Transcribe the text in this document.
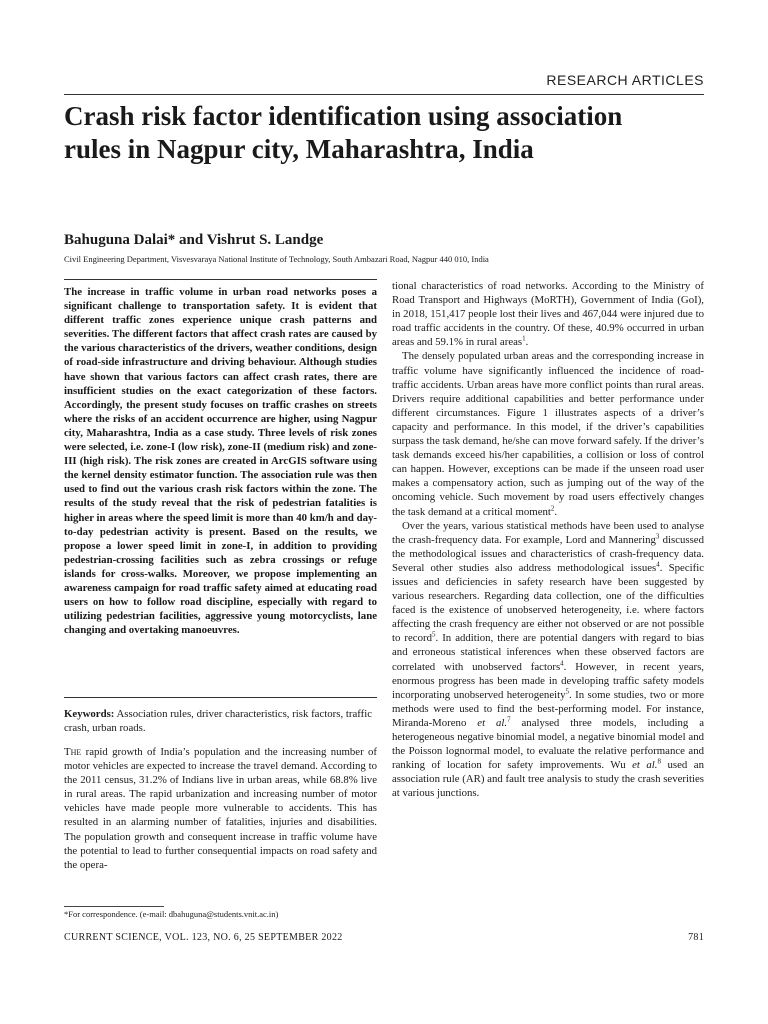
RESEARCH ARTICLES
Crash risk factor identification using association rules in Nagpur city, Maharashtra, India
Bahuguna Dalai* and Vishrut S. Landge
Civil Engineering Department, Visvesvaraya National Institute of Technology, South Ambazari Road, Nagpur 440 010, India

The increase in traffic volume in urban road networks poses a significant challenge to transportation safety. It is evident that different traffic zones experience unique crash patterns and severities. The different factors that affect crash rates are caused by the various characteristics of the drivers, weather conditions, design of road-side infrastructure and driving behaviour. Although studies have shown that various factors can affect crash rates, there are insufficient studies on the exact categorization of these factors. Accordingly, the present study focuses on traffic crashes on streets where the risks of an accident occurrence are higher, using Nagpur city, Maharashtra, India as a case study. Three levels of risk zones were selected, i.e. zone-I (low risk), zone-II (medium risk) and zone-III (high risk). The risk zones are created in ArcGIS software using the kernel density estimator function. The association rule was then used to find out the various crash risk factors within the zone. The results of the study reveal that the risk of pedestrian fatalities is higher in areas where the speed limit is more than 40 km/h and day-to-day pedestrian activity is present. Based on the results, we propose a lower speed limit in zone-I, in addition to providing pedestrian-crossing facilities such as zebra crossings or refuge islands for cross-walks. Moreover, we propose implementing an awareness campaign for road traffic safety aimed at educating road users on how to follow road discipline, especially with regard to utilizing pedestrian facilities, aggressive young motorcyclists, lane changing and overtaking manoeuvres.

Keywords: Association rules, driver characteristics, risk factors, traffic crash, urban roads.

The rapid growth of India’s population and the increasing number of motor vehicles are expected to increase the travel demand. According to the 2011 census, 31.2% of Indians live in urban areas, while 68.8% live in rural areas. The rapid urbanization and increasing number of motor vehicles have made people more vulnerable to accidents. This has resulted in an alarming number of fatalities, injuries and disabilities. The population growth and consequent increase in traffic volume have the potential to lead to further consequential impacts on road safety and the opera-

*For correspondence. (e-mail: dbahuguna@students.vnit.ac.in)

tional characteristics of road networks. According to the Ministry of Road Transport and Highways (MoRTH), Government of India (GoI), in 2018, 151,417 people lost their lives and 467,044 were injured due to road traffic accidents in the country. Of these, 40.9% occurred in urban areas and 59.1% in rural areas$^1$.

The densely populated urban areas and the corresponding increase in traffic volume have significantly influenced the incidence of road-traffic accidents. Urban areas have more conflict points than rural areas. Drivers require additional capabilities and better performance under different circumstances. Figure 1 illustrates aspects of a driver’s capacity and performance. In this model, if the driver’s capabilities surpass the task demand, he/she can move forward safely. If the driver’s task demands exceed his/her capabilities, a collision or loss of control can happen. However, exceptions can be made if the unseen road user makes a compensatory action, such as jumping out of the way of the oncoming vehicle. Such movement by road users effectively changes the task demand at a critical moment$^2$.

Over the years, various statistical methods have been used to analyse the crash-frequency data. For example, Lord and Mannering$^3$ discussed the methodological issues and characteristics of crash-frequency data. Several other studies also address methodological issues$^4$. Specific issues and deficiencies in safety research have been suggested by various researchers. Regarding data collection, one of the difficulties faced is the existence of unobserved heterogeneity, i.e. where factors affecting the crash frequency are either not observed or are not possible to record$^5$. In addition, there are potential dangers with regard to bias and erroneous statistical inferences when these observed factors are correlated with unobserved factors$^4$. However, in recent years, enormous progress has been made in developing traffic safety models incorporating unobserved heterogeneity$^5$. In some studies, two or more methods were used to find the best-performing model. For instance, Miranda-Moreno et al.$^7$ analysed three models, including a heterogeneous negative binomial model, a negative binomial model and the Poisson lognormal model, to evaluate the relative performance and ranking of location for safety improvements. Wu et al.$^8$ used an association rule (AR) and fault tree analysis to study the crash severities at various junctions.

CURRENT SCIENCE, VOL. 123, NO. 6, 25 SEPTEMBER 2022	781
